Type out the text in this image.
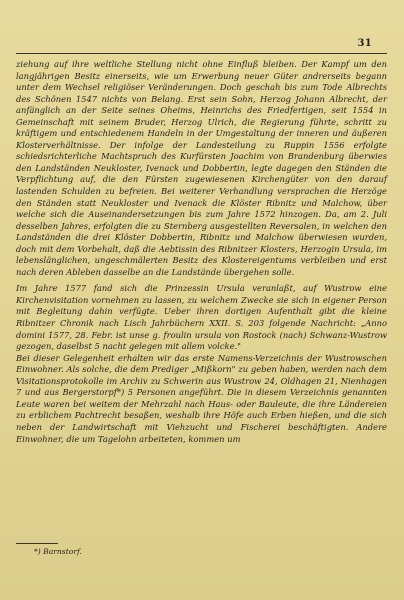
31

ziehung auf ihre weltliche Stellung nicht ohne Einfluß bleiben. Der Kampf um den langjährigen Besitz einerseits, wie um Erwerbung neuer Güter andrerseits begann unter dem Wechsel religiöser Veränderungen. Doch geschah bis zum Tode Albrechts des Schönen 1547 nichts von Belang. Erst sein Sohn, Herzog Johann Albrecht, der anfänglich an der Seite seines Oheims, Heinrichs des Friedfertigen, seit 1554 in Gemeinschaft mit seinem Bruder, Herzog Ulrich, die Regierung führte, schritt zu kräftigem und entschiedenem Handeln in der Umgestaltung der inneren und äußeren Klosterverhältnisse. Der infolge der Landesteilung zu Ruppin 1556 erfolgte schiedsrichterliche Machtspruch des Kurfürsten Joachim von Brandenburg überwies den Landständen Neukloster, Ivenack und Dobbertin, legte dagegen den Ständen die Verpflichtung auf, die den Fürsten zugewiesenen Kirchengüter von den darauf lastenden Schulden zu befreien. Bei weiterer Verhandlung versprachen die Herzöge den Ständen statt Neukloster und Ivenack die Klöster Ribnitz und Malchow, über welche sich die Auseinandersetzungen bis zum Jahre 1572 hinzogen. Da, am 2. Juli desselben Jahres, erfolgten die zu Sternberg ausgestellten Reversalen, in welchen den Landständen die drei Klöster Dobbertin, Ribnitz und Malchow überwiesen wurden, doch mit dem Vorbehalt, daß die Aebtissin des Ribnitzer Klosters, Herzogin Ursula, im lebenslänglichen, ungeschmälerten Besitz des Klostereigentums verbleiben und erst nach deren Ableben dasselbe an die Landstände übergehen solle.

Im Jahre 1577 fand sich die Prinzessin Ursula veranlaßt, auf Wustrow eine Kirchenvisitation vornehmen zu lassen, zu welchem Zwecke sie sich in eigener Person mit Begleitung dahin verfügte. Ueber ihren dortigen Aufenthalt gibt die kleine Ribnitzer Chronik nach Lisch Jahrbüchern XXII. S. 203 folgende Nachricht: „Anno domini 1577, 28. Febr. ist unse g. froulin ursula von Rostock (nach) Schwanz-Wustrow gezogen, daselbst 5 nacht gelegen mit allem volcke."

Bei dieser Gelegenheit erhalten wir das erste Namens-Verzeichnis der Wustrowschen Einwohner. Als solche, die dem Prediger „Mißkorn" zu geben haben, werden nach dem Visitationsprotokolle im Archiv zu Schwerin aus Wustrow 24, Oldhagen 21, Nienhagen 7 und aus Bergerstorpf*) 5 Personen angeführt. Die in diesem Verzeichnis genannten Leute waren bei weitem der Mehrzahl nach Haus- oder Bauleute, die ihre Ländereien zu erblichem Pachtrecht besaßen, weshalb ihre Höfe auch Erben hießen, und die sich neben der Landwirtschaft mit Viehzucht und Fischerei beschäftigten. Andere Einwohner, die um Tagelohn arbeiteten, kommen um

*) Barnstorf.
